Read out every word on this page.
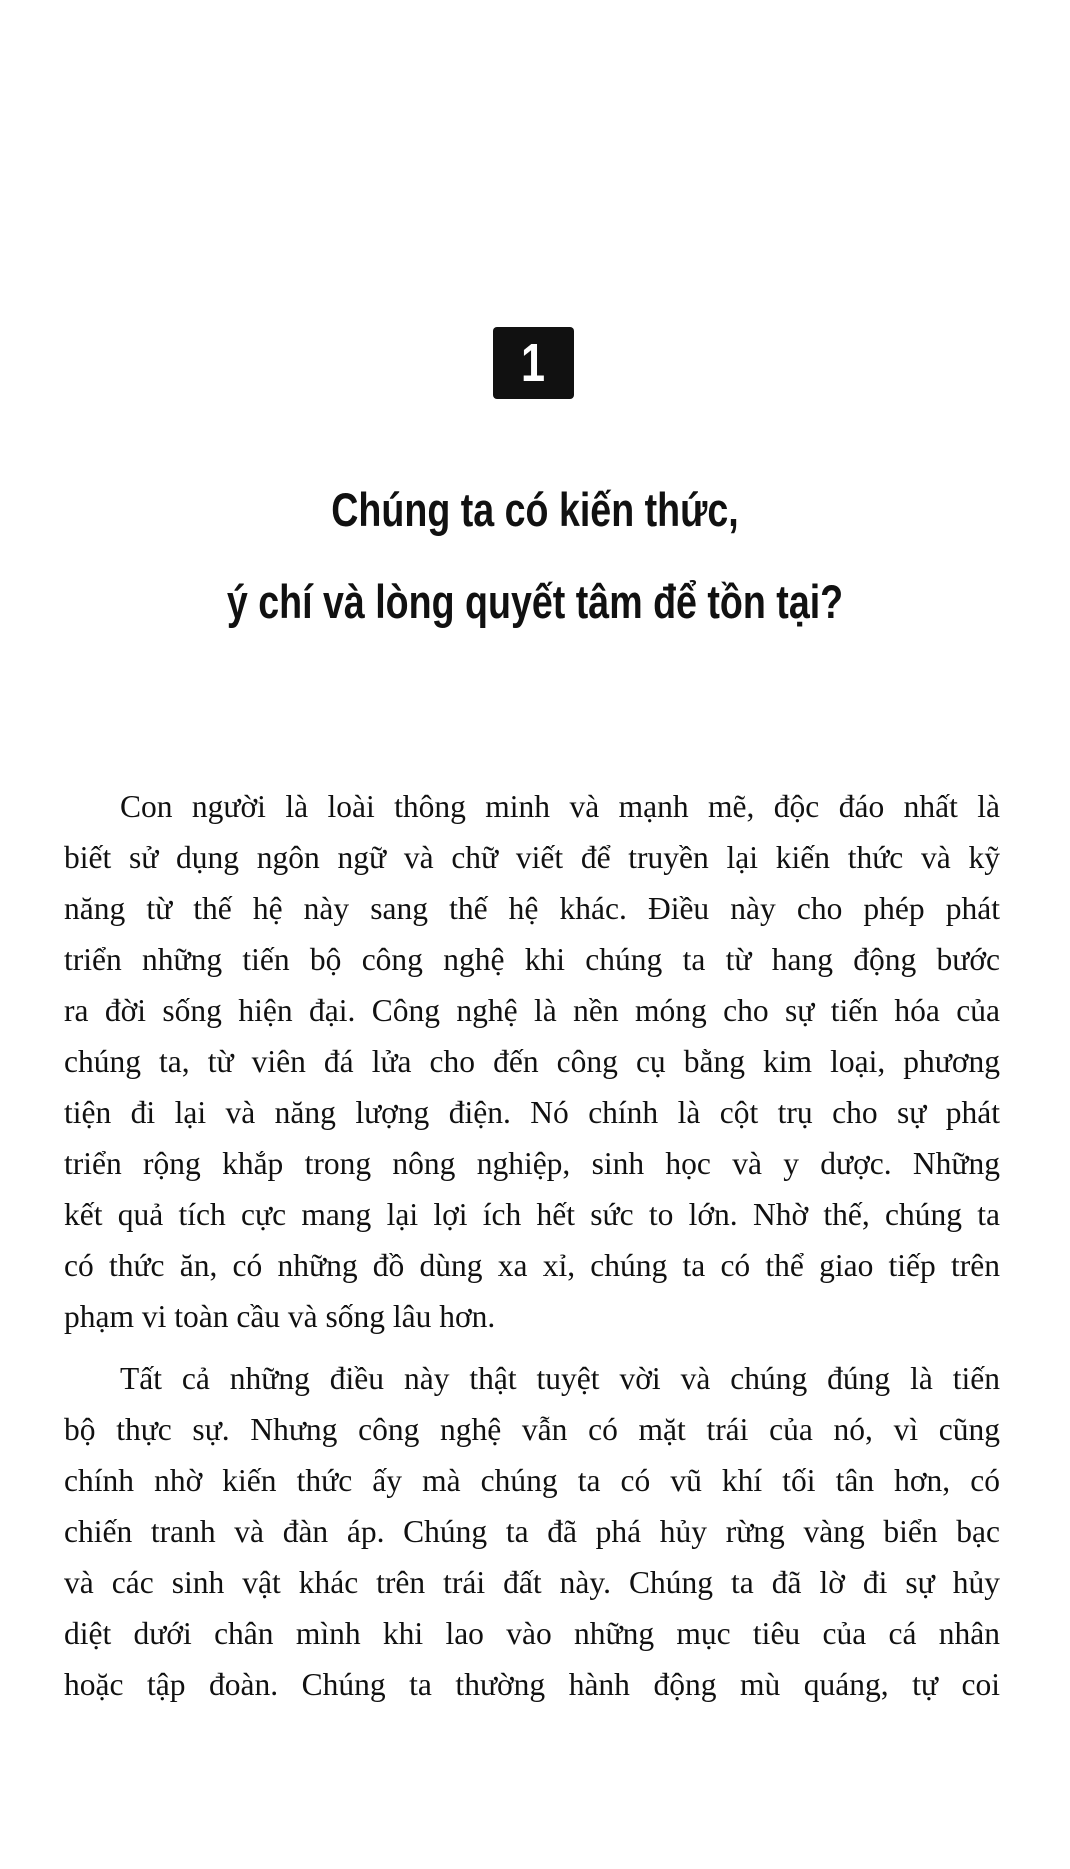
1
Chúng ta có kiến thức,
ý chí và lòng quyết tâm để tồn tại?
Con người là loài thông minh và mạnh mẽ, độc đáo nhất là
biết sử dụng ngôn ngữ và chữ viết để truyền lại kiến thức và kỹ
năng từ thế hệ này sang thế hệ khác. Điều này cho phép phát
triển những tiến bộ công nghệ khi chúng ta từ hang động bước
ra đời sống hiện đại. Công nghệ là nền móng cho sự tiến hóa của
chúng ta, từ viên đá lửa cho đến công cụ bằng kim loại, phương
tiện đi lại và năng lượng điện. Nó chính là cột trụ cho sự phát
triển rộng khắp trong nông nghiệp, sinh học và y dược. Những
kết quả tích cực mang lại lợi ích hết sức to lớn. Nhờ thế, chúng ta
có thức ăn, có những đồ dùng xa xỉ, chúng ta có thể giao tiếp trên
phạm vi toàn cầu và sống lâu hơn.
Tất cả những điều này thật tuyệt vời và chúng đúng là tiến
bộ thực sự. Nhưng công nghệ vẫn có mặt trái của nó, vì cũng
chính nhờ kiến thức ấy mà chúng ta có vũ khí tối tân hơn, có
chiến tranh và đàn áp. Chúng ta đã phá hủy rừng vàng biển bạc
và các sinh vật khác trên trái đất này. Chúng ta đã lờ đi sự hủy
diệt dưới chân mình khi lao vào những mục tiêu của cá nhân
hoặc tập đoàn. Chúng ta thường hành động mù quáng, tự coi
